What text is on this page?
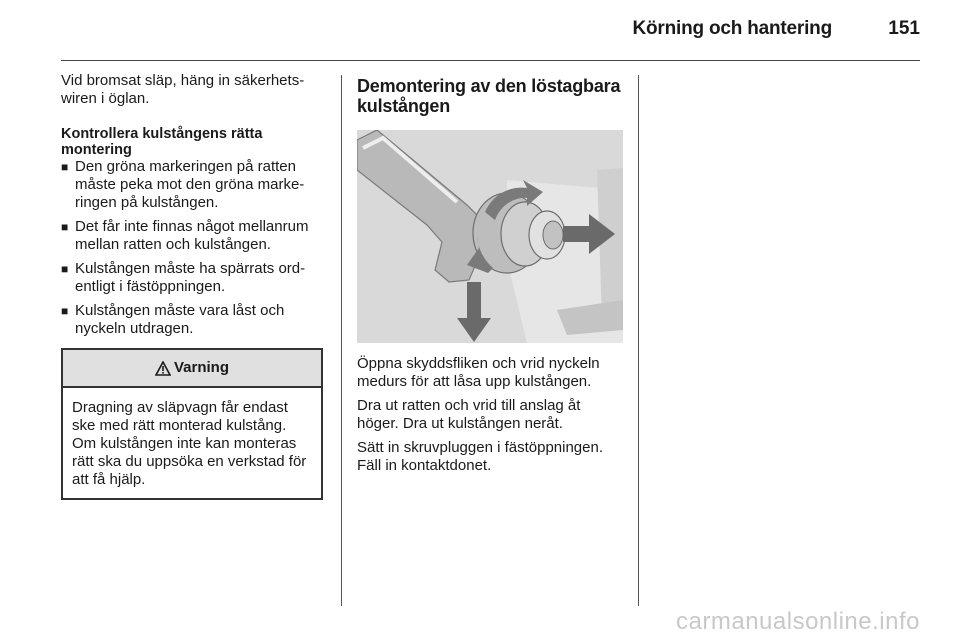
Körning och hantering	151

Vid bromsat släp, häng in säkerhets-wiren i öglan.

Kontrollera kulstångens rätta montering
■ Den gröna markeringen på ratten måste peka mot den gröna marke-ringen på kulstången.
■ Det får inte finnas något mellanrum mellan ratten och kulstången.
■ Kulstången måste ha spärrats ord-entligt i fästöppningen.
■ Kulstången måste vara låst och nyckeln utdragen.
Varning
Dragning av släpvagn får endast ske med rätt monterad kulstång. Om kulstången inte kan monteras rätt ska du uppsöka en verkstad för att få hjälp.
Demontering av den löstagbara kulstången

Öppna skyddsfliken och vrid nyckeln medurs för att låsa upp kulstången.

Dra ut ratten och vrid till anslag åt höger. Dra ut kulstången neråt.

Sätt in skruvpluggen i fästöppningen. Fäll in kontaktdonet.

carmanualsonline.info
